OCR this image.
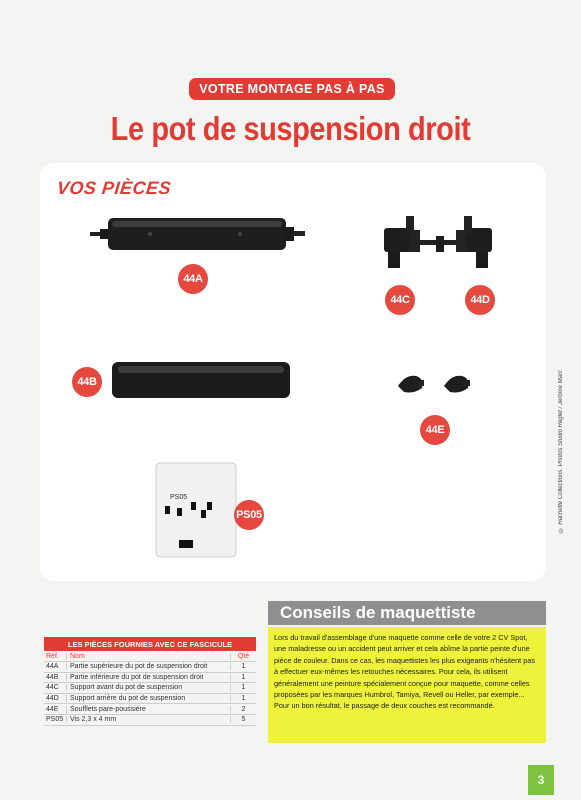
VOTRE MONTAGE PAS À PAS
Le pot de suspension droit
VOS PIÈCES
44A
44C	44D
44B
44E
PS05
PS05	© Hachette Collections. Photos Studio Reglet / Jérôme Marc
LES PIÈCES FOURNIES AVEC CE FASCICULE
Réf.	Nom	Qté
44A	Partie supérieure du pot de suspension droit	1
44B	Partie inférieure du pot de suspension droit	1
44C	Support avant du pot de suspension	1
44D	Support arrière du pot de suspension	1
44E	Soufflets pare-poussière	2
PS05 Vis 2,3 x 4 mm	5
Conseils de maquettiste
Lors du travail d'assemblage d'une maquette comme celle de votre 2 CV Spot, une maladresse ou un accident peut arriver et cela abîme la partie peinte d'une pièce de couleur. Dans ce cas, les maquettistes les plus exigeants n'hésitent pas à effectuer eux-mêmes les retouches nécessaires. Pour cela, ils utilisent généralement une peinture spécialement conçue pour maquette, comme celles proposées par les marques Humbrol, Tamiya, Revell ou Heller, par exemple... Pour un bon résultat, le passage de deux couches est recommandé.
3
